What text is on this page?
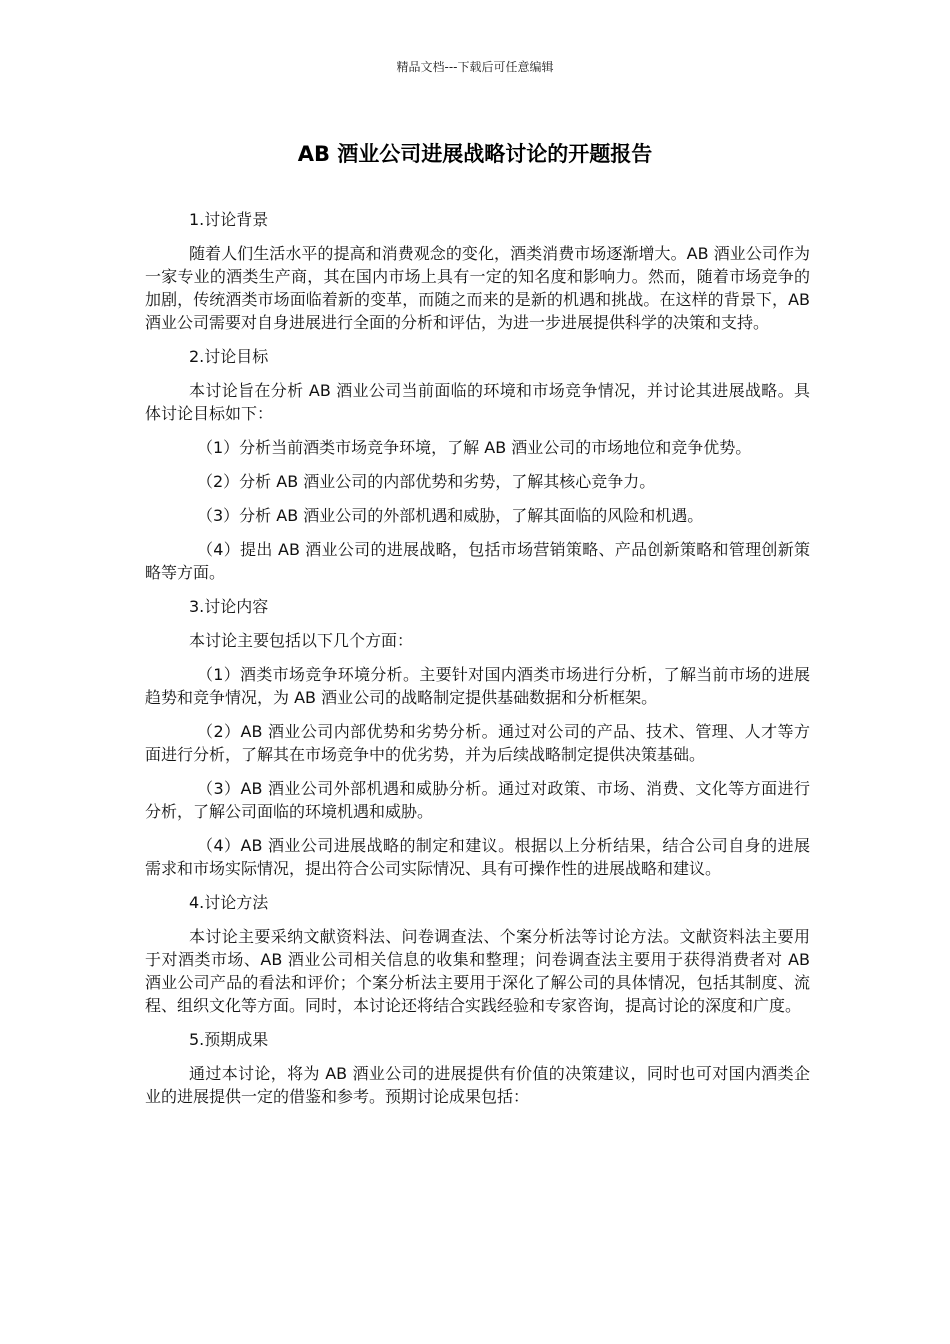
精品文档---下载后可任意编辑
AB 酒业公司进展战略讨论的开题报告

1.讨论背景

随着人们生活水平的提高和消费观念的变化，酒类消费市场逐渐增大。AB 酒业公司作为一家专业的酒类生产商，其在国内市场上具有一定的知名度和影响力。然而，随着市场竞争的加剧，传统酒类市场面临着新的变革，而随之而来的是新的机遇和挑战。在这样的背景下，AB 酒业公司需要对自身进展进行全面的分析和评估，为进一步进展提供科学的决策和支持。

2.讨论目标

本讨论旨在分析 AB 酒业公司当前面临的环境和市场竞争情况，并讨论其进展战略。具体讨论目标如下：

（1）分析当前酒类市场竞争环境，了解 AB 酒业公司的市场地位和竞争优势。

（2）分析 AB 酒业公司的内部优势和劣势，了解其核心竞争力。

（3）分析 AB 酒业公司的外部机遇和威胁，了解其面临的风险和机遇。

（4）提出 AB 酒业公司的进展战略，包括市场营销策略、产品创新策略和管理创新策略等方面。

3.讨论内容

本讨论主要包括以下几个方面：

（1）酒类市场竞争环境分析。主要针对国内酒类市场进行分析，了解当前市场的进展趋势和竞争情况，为 AB 酒业公司的战略制定提供基础数据和分析框架。

（2）AB 酒业公司内部优势和劣势分析。通过对公司的产品、技术、管理、人才等方面进行分析，了解其在市场竞争中的优劣势，并为后续战略制定提供决策基础。

（3）AB 酒业公司外部机遇和威胁分析。通过对政策、市场、消费、文化等方面进行分析，了解公司面临的环境机遇和威胁。

（4）AB 酒业公司进展战略的制定和建议。根据以上分析结果，结合公司自身的进展需求和市场实际情况，提出符合公司实际情况、具有可操作性的进展战略和建议。

4.讨论方法

本讨论主要采纳文献资料法、问卷调查法、个案分析法等讨论方法。文献资料法主要用于对酒类市场、AB 酒业公司相关信息的收集和整理；问卷调查法主要用于获得消费者对 AB 酒业公司产品的看法和评价；个案分析法主要用于深化了解公司的具体情况，包括其制度、流程、组织文化等方面。同时，本讨论还将结合实践经验和专家咨询，提高讨论的深度和广度。

5.预期成果

通过本讨论，将为 AB 酒业公司的进展提供有价值的决策建议，同时也可对国内酒类企业的进展提供一定的借鉴和参考。预期讨论成果包括：
